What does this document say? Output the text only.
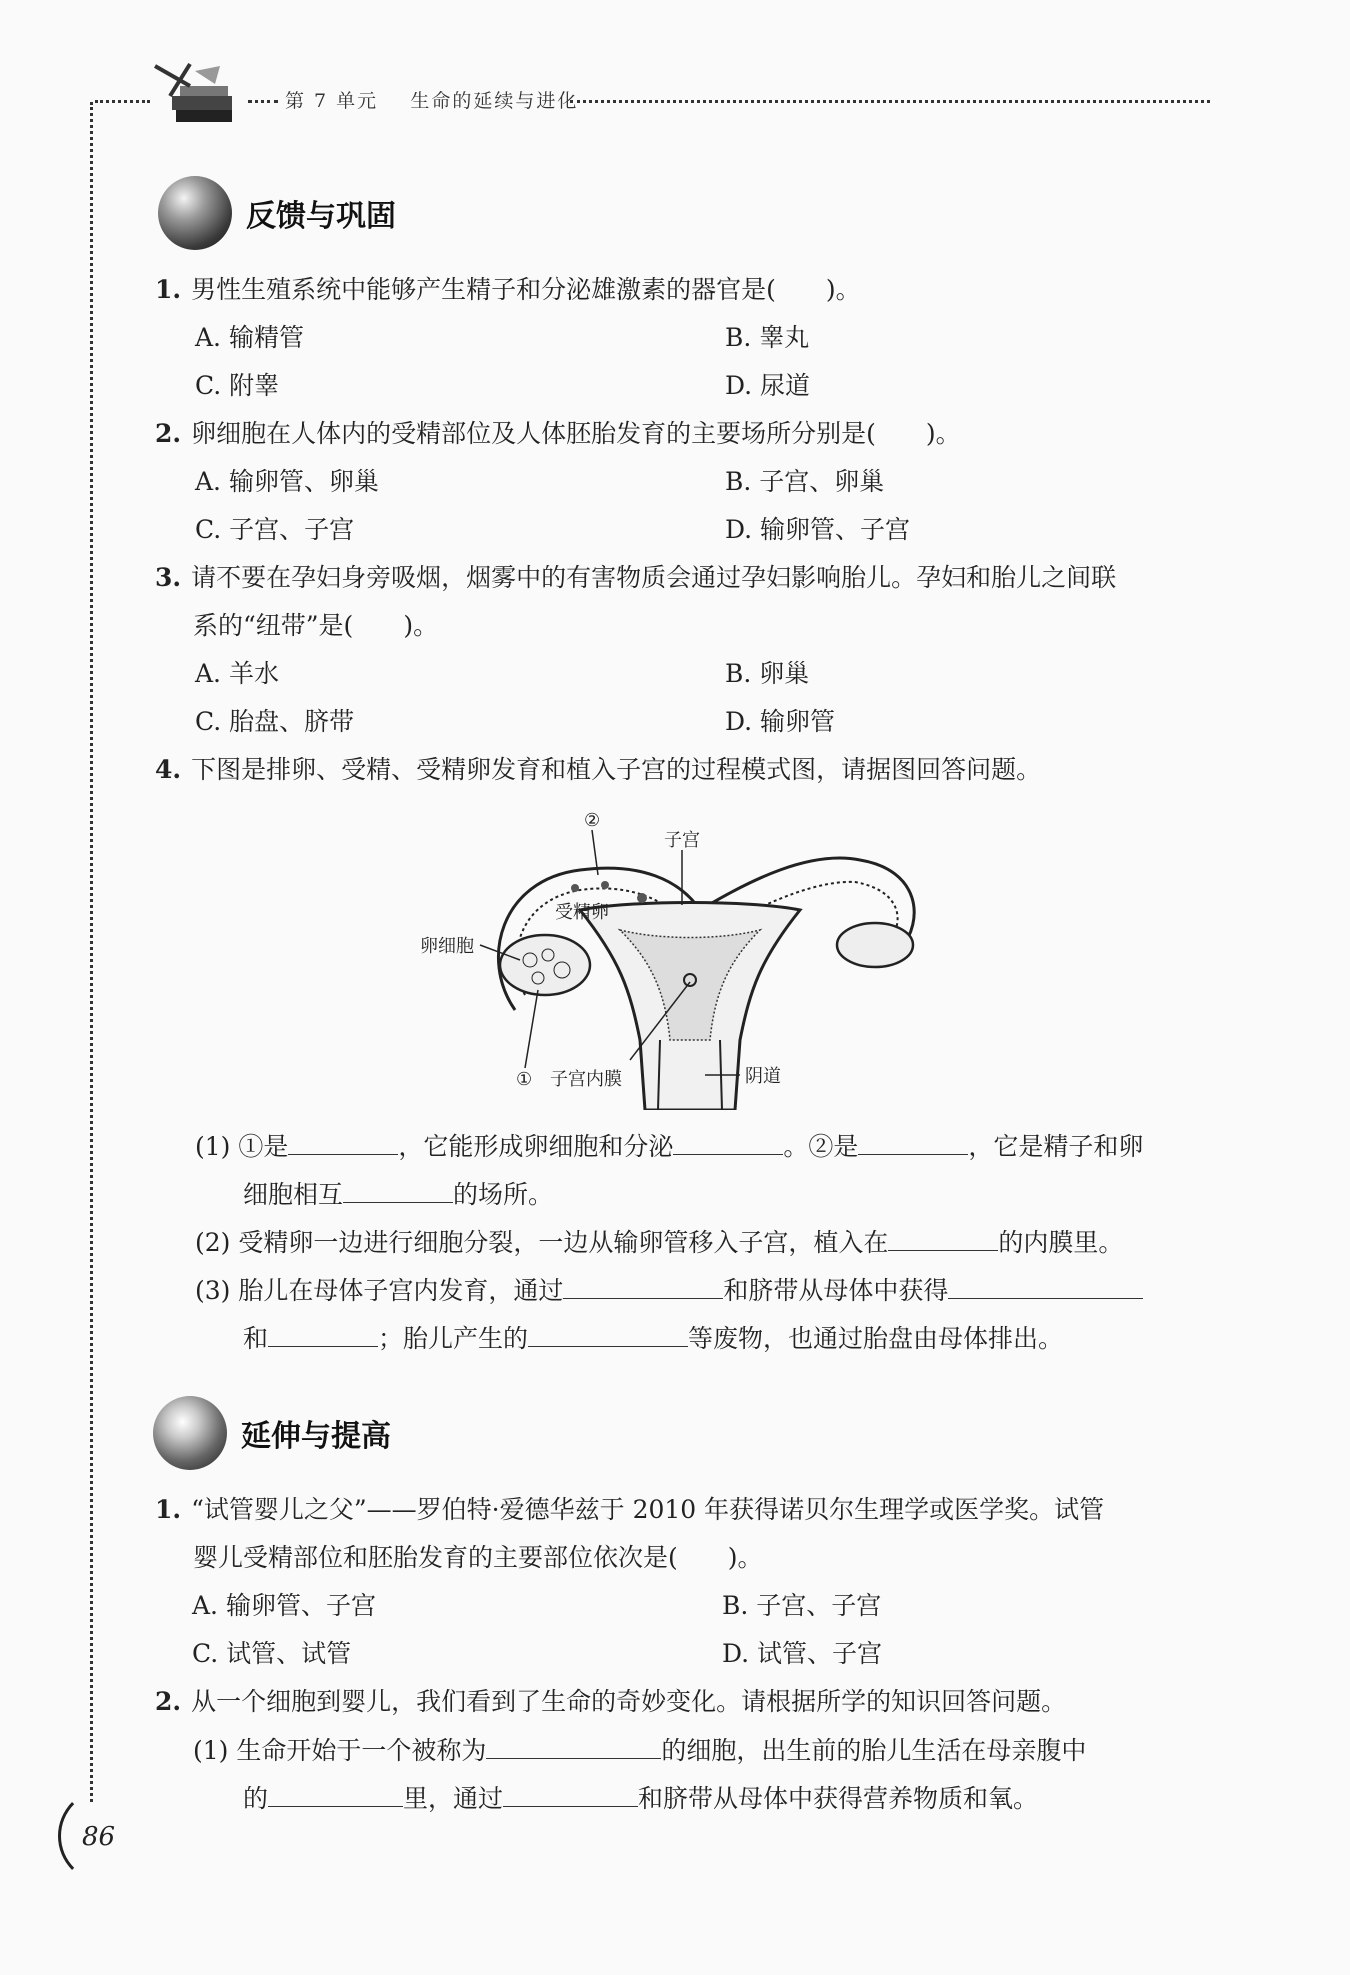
第 7 单元 生命的延续与进化
反馈与巩固
1. 男性生殖系统中能够产生精子和分泌雄激素的器官是(　　)。
A. 输精管	B. 睾丸
C. 附睾	D. 尿道
2. 卵细胞在人体内的受精部位及人体胚胎发育的主要场所分别是(　　)。
A. 输卵管、卵巢	B. 子宫、卵巢
C. 子宫、子宫	D. 输卵管、子宫
3. 请不要在孕妇身旁吸烟，烟雾中的有害物质会通过孕妇影响胎儿。孕妇和胎儿之间联
系的“纽带”是(　　)。
A. 羊水	B. 卵巢
C. 胎盘、脐带	D. 输卵管
4. 下图是排卵、受精、受精卵发育和植入子宫的过程模式图，请据图回答问题。
②
子宫
受精卵
卵细胞
① 子宫内膜	阴道
(1) ①是	，它能形成卵细胞和分泌	。②是	，它是精子和卵
细胞相互	的场所。
(2) 受精卵一边进行细胞分裂，一边从输卵管移入子宫，植入在	的内膜里。
(3) 胎儿在母体子宫内发育，通过	和脐带从母体中获得
和	；胎儿产生的	等废物，也通过胎盘由母体排出。
延伸与提高
1. “试管婴儿之父”——罗伯特·爱德华兹于 2010 年获得诺贝尔生理学或医学奖。试管
婴儿受精部位和胚胎发育的主要部位依次是(　　)。
A. 输卵管、子宫	B. 子宫、子宫
C. 试管、试管	D. 试管、子宫
2. 从一个细胞到婴儿，我们看到了生命的奇妙变化。请根据所学的知识回答问题。
(1) 生命开始于一个被称为	的细胞，出生前的胎儿生活在母亲腹中
的	里，通过	和脐带从母体中获得营养物质和氧。
86
